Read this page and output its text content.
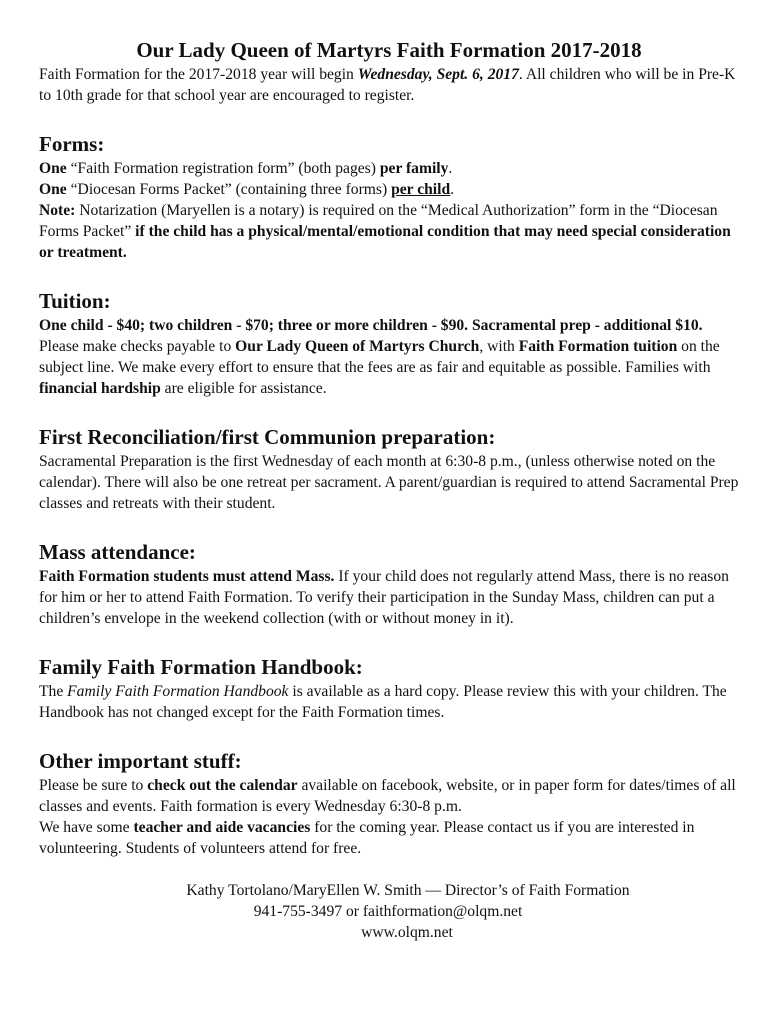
Our Lady Queen of Martyrs Faith Formation 2017-2018

Faith Formation for the 2017-2018 year will begin Wednesday, Sept. 6, 2017. All children who will be in Pre-K to 10th grade for that school year are encouraged to register.

Forms:

One “Faith Formation registration form” (both pages) per family.

One “Diocesan Forms Packet” (containing three forms) per child.

Note: Notarization (Maryellen is a notary) is required on the “Medical Authorization” form in the “Diocesan Forms Packet” if the child has a physical/mental/emotional condition that may need special consideration or treatment.

Tuition:

One child - $40; two children - $70; three or more children - $90. Sacramental prep - additional $10. Please make checks payable to Our Lady Queen of Martyrs Church, with Faith Formation tuition on the subject line. We make every effort to ensure that the fees are as fair and equitable as possible. Families with financial hardship are eligible for assistance.

First Reconciliation/first Communion preparation:

Sacramental Preparation is the first Wednesday of each month at 6:30-8 p.m., (unless otherwise noted on the calendar). There will also be one retreat per sacrament. A parent/guardian is required to attend Sacramental Prep classes and retreats with their student.

Mass attendance:

Faith Formation students must attend Mass. If your child does not regularly attend Mass, there is no reason for him or her to attend Faith Formation. To verify their participation in the Sunday Mass, children can put a children’s envelope in the weekend collection (with or without money in it).

Family Faith Formation Handbook:

The Family Faith Formation Handbook is available as a hard copy. Please review this with your children. The Handbook has not changed except for the Faith Formation times.

Other important stuff:

Please be sure to check out the calendar available on facebook, website, or in paper form for dates/times of all classes and events. Faith formation is every Wednesday 6:30-8 p.m.

We have some teacher and aide vacancies for the coming year. Please contact us if you are interested in volunteering. Students of volunteers attend for free.

Kathy Tortolano/MaryEllen W. Smith — Director’s of Faith Formation
941-755-3497 or faithformation@olqm.net
www.olqm.net
